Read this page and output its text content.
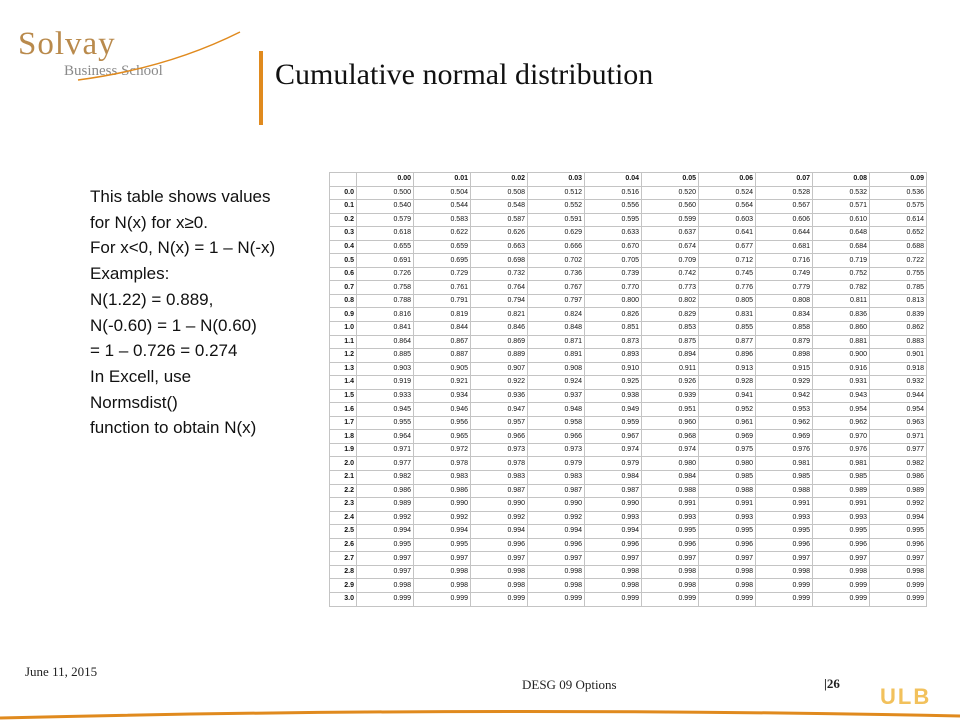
Solvay
Business School	Cumulative normal distribution
This table shows values
for N(x) for x≥0.
For x<0, N(x) = 1 – N(-x)
Examples:
N(1.22) = 0.889,
N(-0.60) = 1 – N(0.60)
= 1 – 0.726 = 0.274
In Excell, use
Normsdist()
function to obtain N(x)
	0.00	0.01	0.02	0.03	0.04	0.05	0.06	0.07	0.08	0.09
0.0	0.500	0.504	0.508	0.512	0.516	0.520	0.524	0.528	0.532	0.536
0.1	0.540	0.544	0.548	0.552	0.556	0.560	0.564	0.567	0.571	0.575
0.2	0.579	0.583	0.587	0.591	0.595	0.599	0.603	0.606	0.610	0.614
0.3	0.618	0.622	0.626	0.629	0.633	0.637	0.641	0.644	0.648	0.652
0.4	0.655	0.659	0.663	0.666	0.670	0.674	0.677	0.681	0.684	0.688
0.5	0.691	0.695	0.698	0.702	0.705	0.709	0.712	0.716	0.719	0.722
0.6	0.726	0.729	0.732	0.736	0.739	0.742	0.745	0.749	0.752	0.755
0.7	0.758	0.761	0.764	0.767	0.770	0.773	0.776	0.779	0.782	0.785
0.8	0.788	0.791	0.794	0.797	0.800	0.802	0.805	0.808	0.811	0.813
0.9	0.816	0.819	0.821	0.824	0.826	0.829	0.831	0.834	0.836	0.839
1.0	0.841	0.844	0.846	0.848	0.851	0.853	0.855	0.858	0.860	0.862
1.1	0.864	0.867	0.869	0.871	0.873	0.875	0.877	0.879	0.881	0.883
1.2	0.885	0.887	0.889	0.891	0.893	0.894	0.896	0.898	0.900	0.901
1.3	0.903	0.905	0.907	0.908	0.910	0.911	0.913	0.915	0.916	0.918
1.4	0.919	0.921	0.922	0.924	0.925	0.926	0.928	0.929	0.931	0.932
1.5	0.933	0.934	0.936	0.937	0.938	0.939	0.941	0.942	0.943	0.944
1.6	0.945	0.946	0.947	0.948	0.949	0.951	0.952	0.953	0.954	0.954
1.7	0.955	0.956	0.957	0.958	0.959	0.960	0.961	0.962	0.962	0.963
1.8	0.964	0.965	0.966	0.966	0.967	0.968	0.969	0.969	0.970	0.971
1.9	0.971	0.972	0.973	0.973	0.974	0.974	0.975	0.976	0.976	0.977
2.0	0.977	0.978	0.978	0.979	0.979	0.980	0.980	0.981	0.981	0.982
2.1	0.982	0.983	0.983	0.983	0.984	0.984	0.985	0.985	0.985	0.986
2.2	0.986	0.986	0.987	0.987	0.987	0.988	0.988	0.988	0.989	0.989
2.3	0.989	0.990	0.990	0.990	0.990	0.991	0.991	0.991	0.991	0.992
2.4	0.992	0.992	0.992	0.992	0.993	0.993	0.993	0.993	0.993	0.994
2.5	0.994	0.994	0.994	0.994	0.994	0.995	0.995	0.995	0.995	0.995
2.6	0.995	0.995	0.996	0.996	0.996	0.996	0.996	0.996	0.996	0.996
2.7	0.997	0.997	0.997	0.997	0.997	0.997	0.997	0.997	0.997	0.997
2.8	0.997	0.998	0.998	0.998	0.998	0.998	0.998	0.998	0.998	0.998
2.9	0.998	0.998	0.998	0.998	0.998	0.998	0.998	0.999	0.999	0.999
3.0	0.999	0.999	0.999	0.999	0.999	0.999	0.999	0.999	0.999	0.999
June 11, 2015
DESG 09 Options	|26
ULB
